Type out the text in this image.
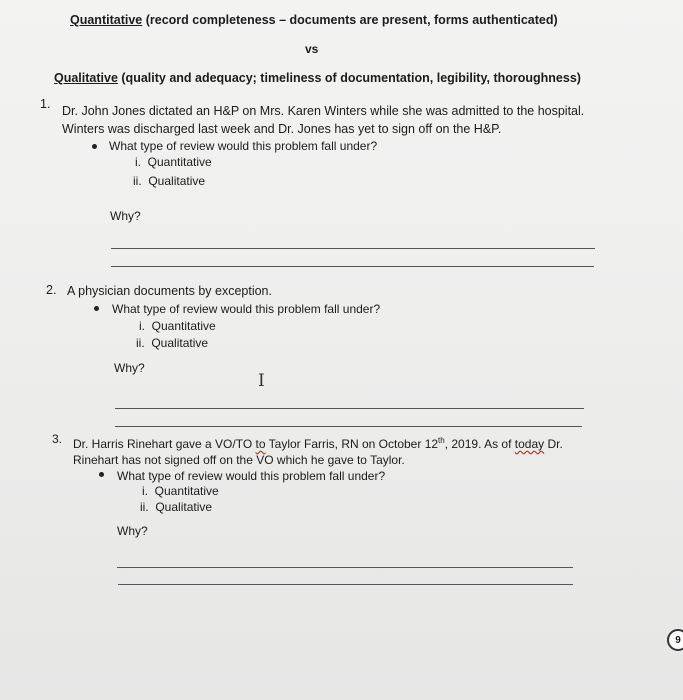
Quantitative (record completeness – documents are present, forms authenticated)
vs
Qualitative (quality and adequacy; timeliness of documentation, legibility, thoroughness)
1. Dr. John Jones dictated an H&P on Mrs. Karen Winters while she was admitted to the hospital.
Winters was discharged last week and Dr. Jones has yet to sign off on the H&P.
What type of review would this problem fall under?
i. Quantitative
ii. Qualitative
Why?
2. A physician documents by exception.
What type of review would this problem fall under?
i. Quantitative
ii. Qualitative
Why?
I
3. Dr. Harris Rinehart gave a VO/TO to Taylor Farris, RN on October 12th, 2019. As of today Dr.
Rinehart has not signed off on the VO which he gave to Taylor.
What type of review would this problem fall under?
i. Quantitative
ii. Qualitative
Why?
9
